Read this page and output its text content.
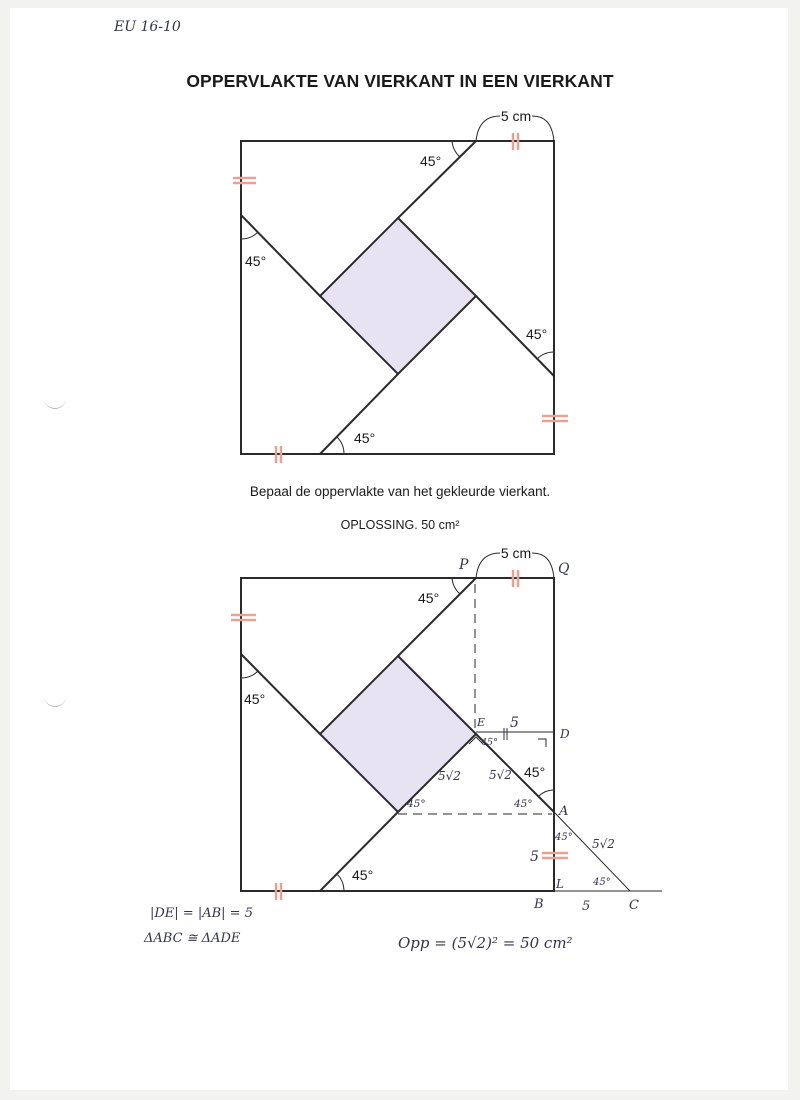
EU 16-10
OPPERVLAKTE VAN VIERKANT IN EEN VIERKANT
5 cm
45°
45°
45°
45°
Bepaal de oppervlakte van het gekleurde vierkant.
OPLOSSING. 50 cm²
5 cm
45°
45°
45°
45°
P	Q
E
D
A
L
B	C
5
45°
5√2 5√2
45°	45°
45° 5√2
5
45°
5
|DE| = |AB| = 5
ΔABC ≅ ΔADE	Opp = (5√2)² = 50 cm²
